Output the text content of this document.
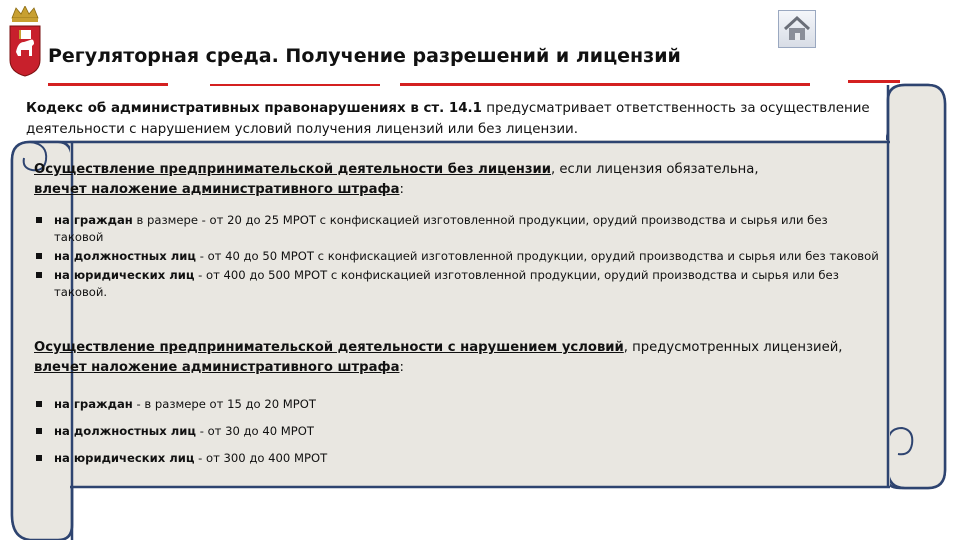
Регуляторная среда. Получение разрешений и лицензий
Кодекс об административных правонарушениях в ст. 14.1 предусматривает ответственность за осуществление деятельности с нарушением условий получения лицензий или без лицензии.
Осуществление предпринимательской деятельности без лицензии, если лицензия обязательна,
влечет наложение административного штрафа:
на граждан в размере - от 20 до 25 МРОТ с конфискацией изготовленной продукции, орудий производства и сырья или без таковой
на должностных лиц - от 40 до 50 МРОТ с конфискацией изготовленной продукции, орудий производства и сырья или без таковой
на юридических лиц - от 400 до 500 МРОТ с конфискацией изготовленной продукции, орудий производства и сырья или без таковой.
Осуществление предпринимательской деятельности с нарушением условий, предусмотренных лицензией,
влечет наложение административного штрафа:
на граждан - в размере от 15 до 20 МРОТ
на должностных лиц - от 30 до 40 МРОТ
на юридических лиц - от 300 до 400 МРОТ
